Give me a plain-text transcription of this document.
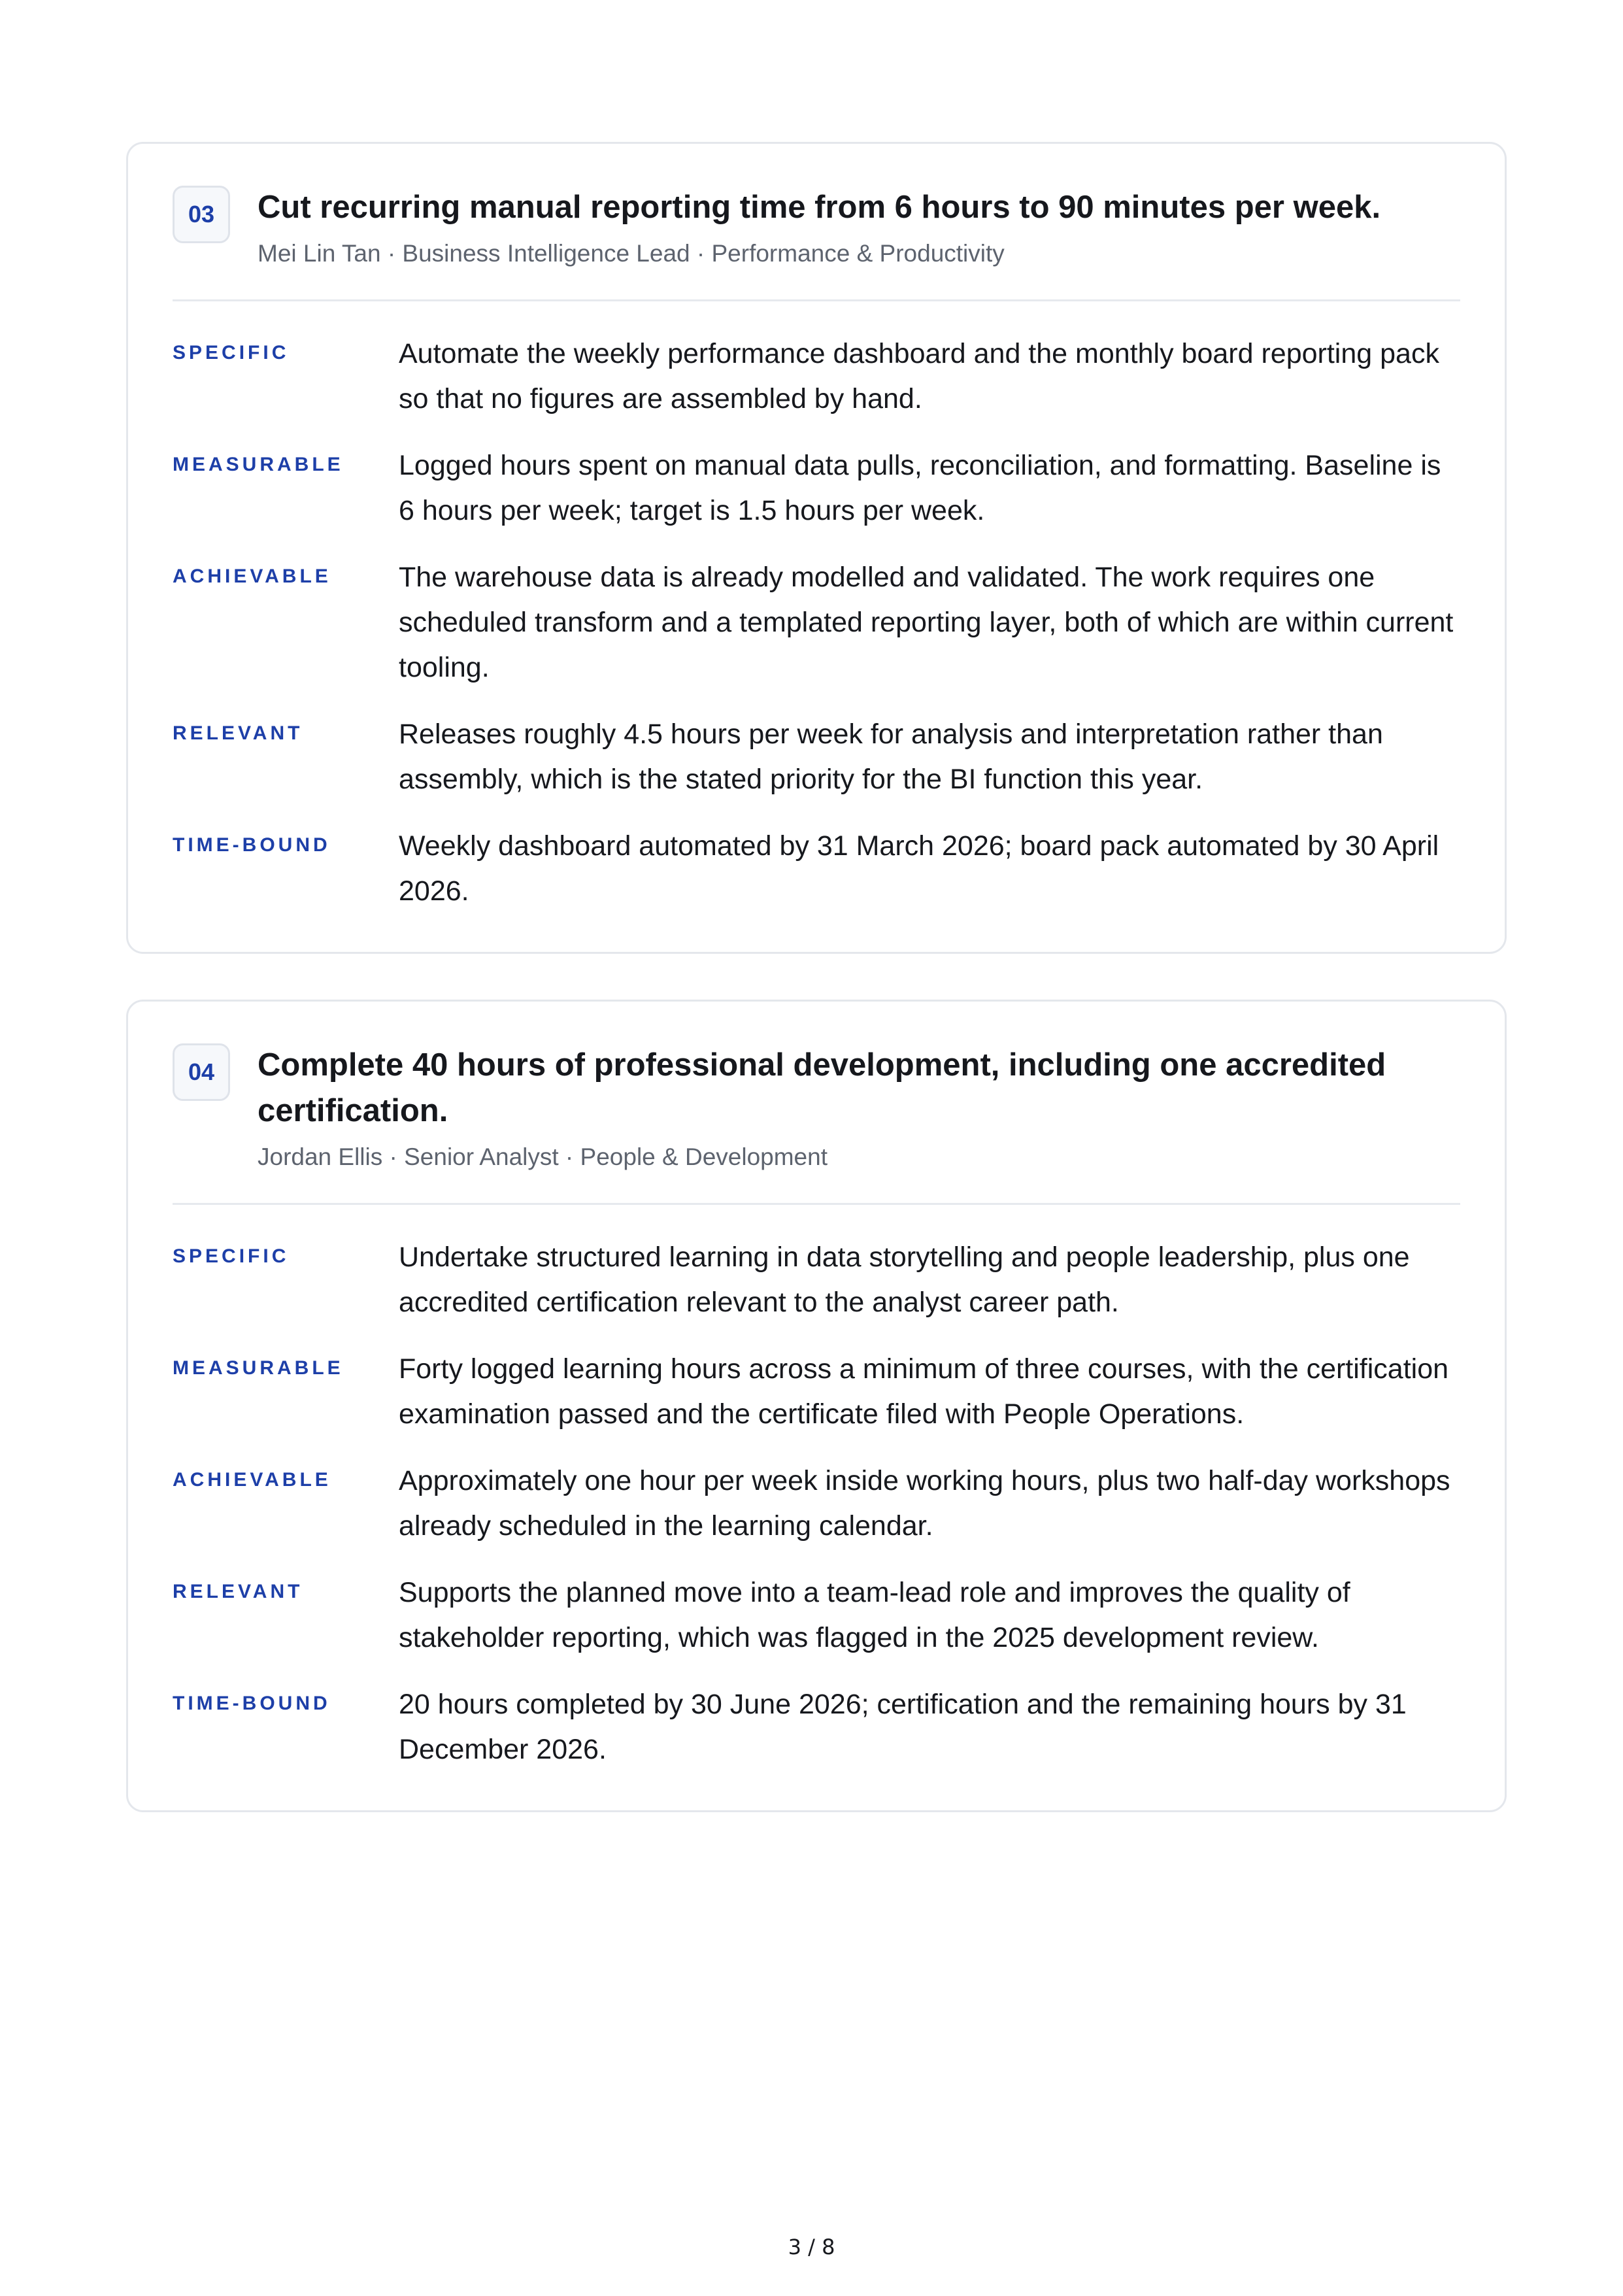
03	Cut recurring manual reporting time from 6 hours to 90 minutes per week.
Mei Lin Tan · Business Intelligence Lead · Performance & Productivity
SPECIFIC	Automate the weekly performance dashboard and the monthly board reporting pack so that no figures are assembled by hand.
MEASURABLE	Logged hours spent on manual data pulls, reconciliation, and formatting. Baseline is 6 hours per week; target is 1.5 hours per week.
ACHIEVABLE	The warehouse data is already modelled and validated. The work requires one scheduled transform and a templated reporting layer, both of which are within current tooling.
RELEVANT	Releases roughly 4.5 hours per week for analysis and interpretation rather than assembly, which is the stated priority for the BI function this year.
TIME-BOUND	Weekly dashboard automated by 31 March 2026; board pack automated by 30 April 2026.
04	Complete 40 hours of professional development, including one accredited certification.
Jordan Ellis · Senior Analyst · People & Development
SPECIFIC	Undertake structured learning in data storytelling and people leadership, plus one accredited certification relevant to the analyst career path.
MEASURABLE	Forty logged learning hours across a minimum of three courses, with the certification examination passed and the certificate filed with People Operations.
ACHIEVABLE	Approximately one hour per week inside working hours, plus two half-day workshops already scheduled in the learning calendar.
RELEVANT	Supports the planned move into a team-lead role and improves the quality of stakeholder reporting, which was flagged in the 2025 development review.
TIME-BOUND	20 hours completed by 30 June 2026; certification and the remaining hours by 31 December 2026.
3 / 8
